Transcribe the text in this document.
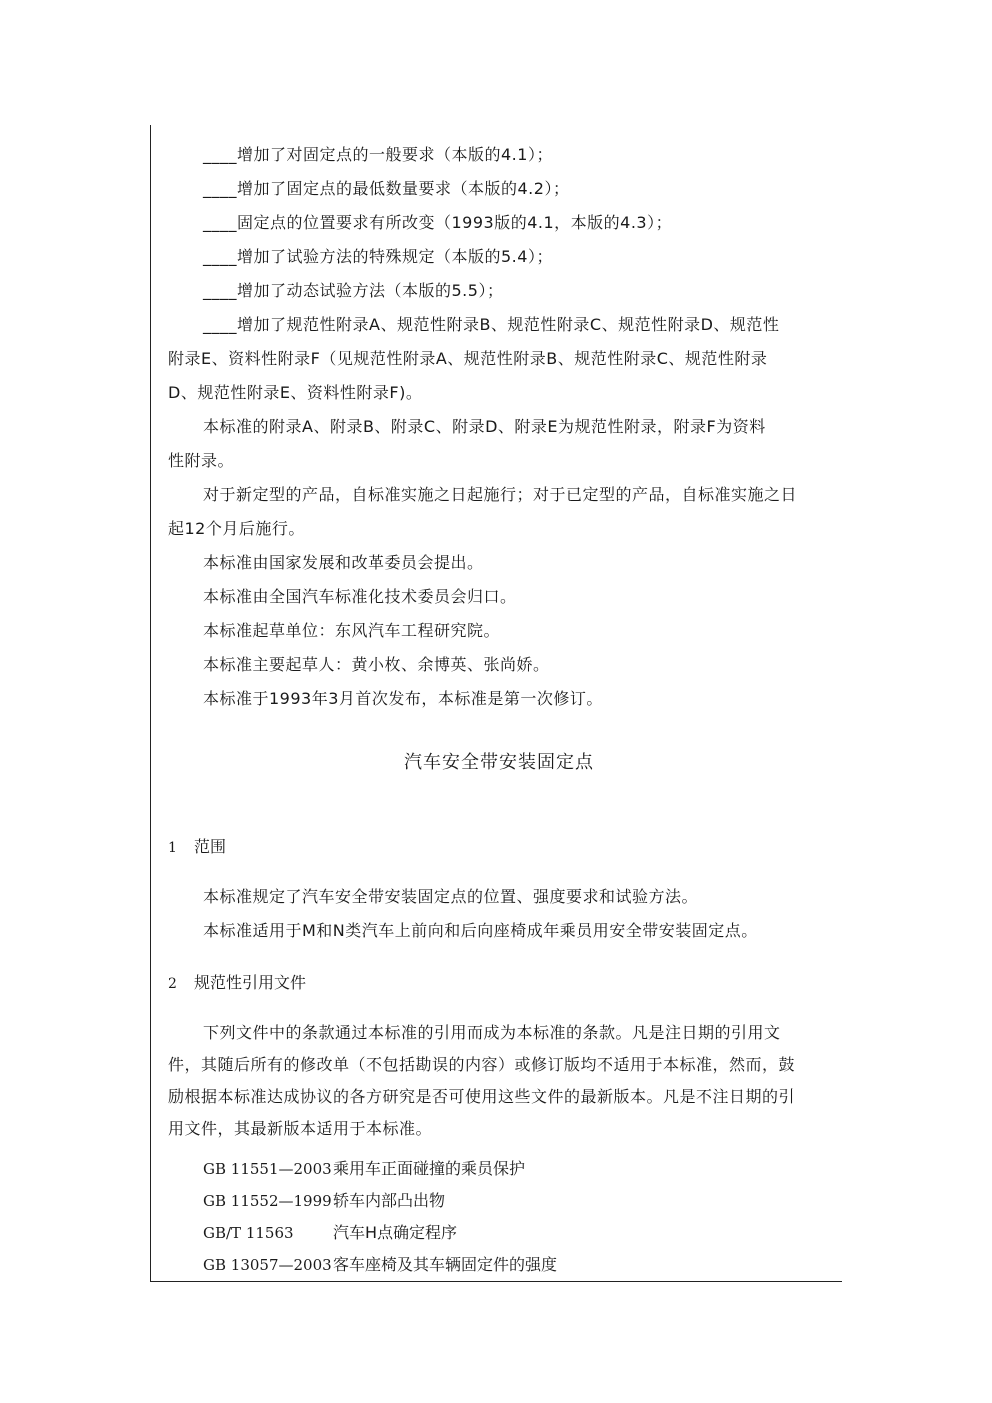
____增加了对固定点的一般要求（本版的4.1）；
____增加了固定点的最低数量要求（本版的4.2）；
____固定点的位置要求有所改变（1993版的4.1，本版的4.3）；
____增加了试验方法的特殊规定（本版的5.4）；
____增加了动态试验方法（本版的5.5）；
____增加了规范性附录A、规范性附录B、规范性附录C、规范性附录D、规范性
附录E、资料性附录F（见规范性附录A、规范性附录B、规范性附录C、规范性附录
D、规范性附录E、资料性附录F)。
本标准的附录A、附录B、附录C、附录D、附录E为规范性附录，附录F为资料
性附录。
对于新定型的产品，自标准实施之日起施行；对于已定型的产品，自标准实施之日
起12个月后施行。
本标准由国家发展和改革委员会提出。
本标准由全国汽车标准化技术委员会归口。
本标准起草单位：东风汽车工程研究院。
本标准主要起草人：黄小枚、余博英、张尚娇。
本标准于1993年3月首次发布，本标准是第一次修订。
汽车安全带安装固定点
1 范围
本标准规定了汽车安全带安装固定点的位置、强度要求和试验方法。
本标准适用于M和N类汽车上前向和后向座椅成年乘员用安全带安装固定点。
2 规范性引用文件
下列文件中的条款通过本标准的引用而成为本标准的条款。凡是注日期的引用文
件，其随后所有的修改单（不包括勘误的内容）或修订版均不适用于本标准，然而，鼓
励根据本标准达成协议的各方研究是否可使用这些文件的最新版本。凡是不注日期的引
用文件，其最新版本适用于本标准。
GB 11551—2003乘用车正面碰撞的乘员保护
GB 11552—1999轿车内部凸出物
GB/T 11563 汽车H点确定程序
GB 13057—2003客车座椅及其车辆固定件的强度
